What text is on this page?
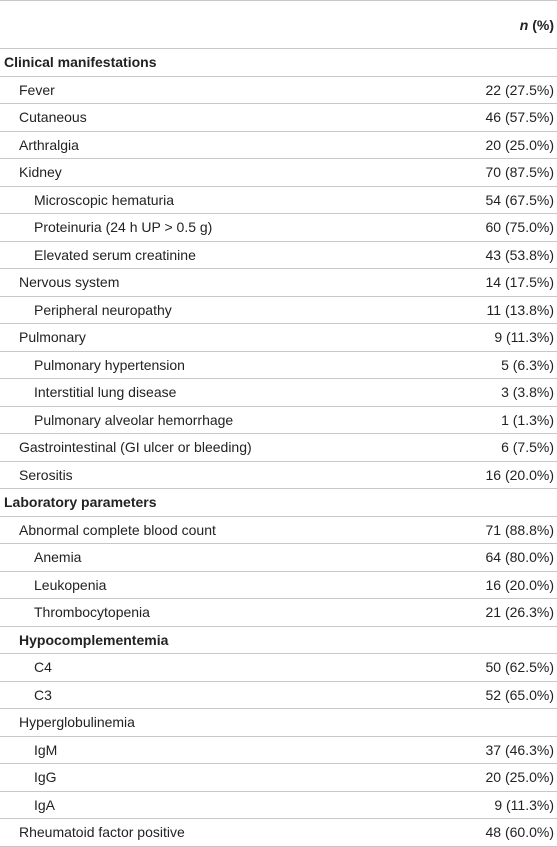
	n (%)
Clinical manifestations	
Fever	22 (27.5%)
Cutaneous	46 (57.5%)
Arthralgia	20 (25.0%)
Kidney	70 (87.5%)
Microscopic hematuria	54 (67.5%)
Proteinuria (24 h UP > 0.5 g)	60 (75.0%)
Elevated serum creatinine	43 (53.8%)
Nervous system	14 (17.5%)
Peripheral neuropathy	11 (13.8%)
Pulmonary	9 (11.3%)
Pulmonary hypertension	5 (6.3%)
Interstitial lung disease	3 (3.8%)
Pulmonary alveolar hemorrhage	1 (1.3%)
Gastrointestinal (GI ulcer or bleeding)	6 (7.5%)
Serositis	16 (20.0%)
Laboratory parameters	
Abnormal complete blood count	71 (88.8%)
Anemia	64 (80.0%)
Leukopenia	16 (20.0%)
Thrombocytopenia	21 (26.3%)
Hypocomplementemia	
C4	50 (62.5%)
C3	52 (65.0%)
Hyperglobulinemia	
IgM	37 (46.3%)
IgG	20 (25.0%)
IgA	9 (11.3%)
Rheumatoid factor positive	48 (60.0%)
